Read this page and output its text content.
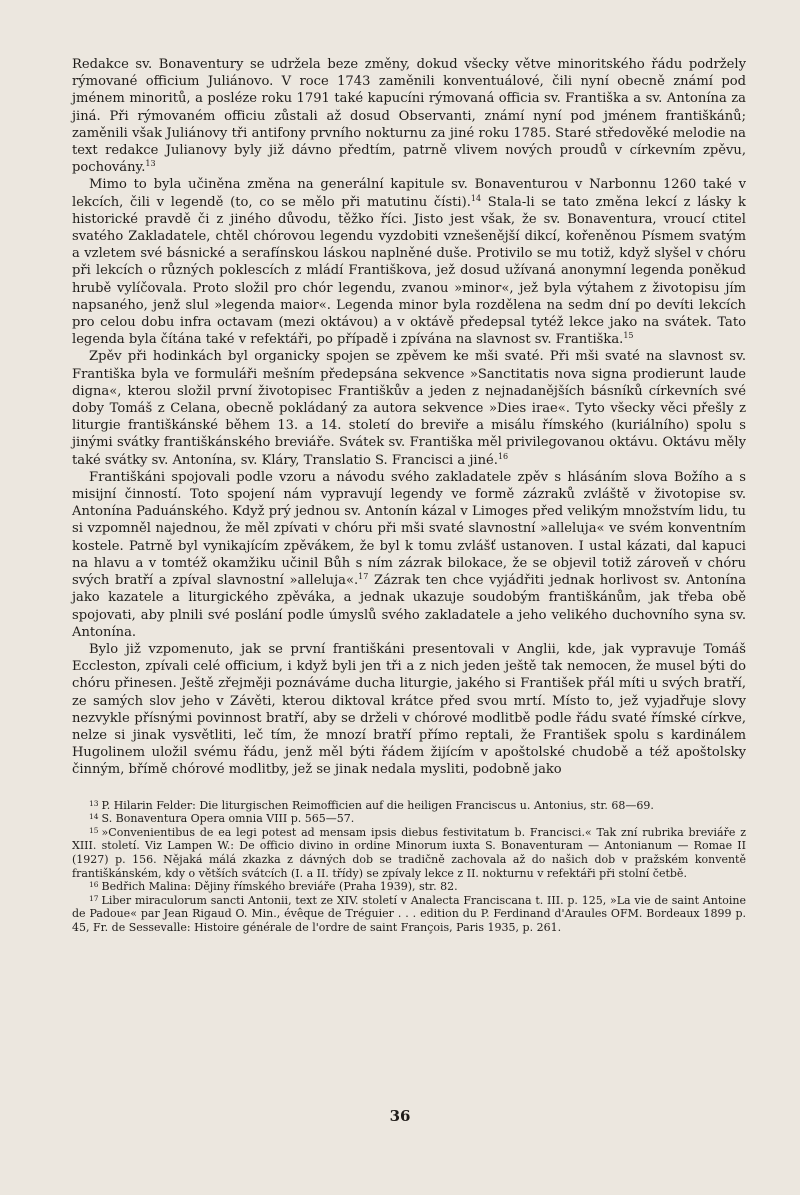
Redakce sv. Bonaventury se udržela beze změny, dokud všecky větve minoritského řádu podržely rýmované officium Juliánovo. V roce 1743 zaměnili konventuálové, čili nyní obecně známí pod jménem minoritů, a posléze roku 1791 také kapucíni rýmovaná officia sv. Františka a sv. Antonína za jiná. Při rýmovaném officiu zůstali až dosud Observanti, známí nyní pod jménem františkánů; zaměnili však Juliánovy tři antifony prvního nokturnu za jiné roku 1785. Staré středověké melodie na text redakce Julianovy byly již dávno předtím, patrně vlivem nových proudů v církevním zpěvu, pochovány.$^{13}$

Mimo to byla učiněna změna na generální kapitule sv. Bonaventurou v Narbonnu 1260 také v lekcích, čili v legendě (to, co se mělo při matutinu čísti).$^{14}$ Stala-li se tato změna lekcí z lásky k historické pravdě či z jiného důvodu, těžko říci. Jisto jest však, že sv. Bonaventura, vroucí ctitel svatého Zakladatele, chtěl chórovou legendu vyzdobiti vznešenější dikcí, kořeněnou Písmem svatým a vzletem své básnické a serafínskou láskou naplněné duše. Protivilo se mu totiž, když slyšel v chóru při lekcích o různých poklescích z mládí Františkova, jež dosud užívaná anonymní legenda poněkud hrubě vylíčovala. Proto složil pro chór legendu, zvanou »minor«, jež byla výtahem z životopisu jím napsaného, jenž slul »legenda maior«. Legenda minor byla rozdělena na sedm dní po devíti lekcích pro celou dobu infra octavam (mezi oktávou) a v oktávě předepsal tytéž lekce jako na svátek. Tato legenda byla čítána také v refektáři, po případě i zpívána na slavnost sv. Františka.$^{15}$

Zpěv při hodinkách byl organicky spojen se zpěvem ke mši svaté. Při mši svaté na slavnost sv. Františka byla ve formuláři mešním předepsána sekvence »Sanctitatis nova signa prodierunt laude digna«, kterou složil první životopisec Františkův a jeden z nejnadanějších básníků církevních své doby Tomáš z Celana, obecně pokládaný za autora sekvence »Dies irae«. Tyto všecky věci přešly z liturgie františkánské během 13. a 14. století do breviře a misálu římského (kuriálního) spolu s jinými svátky františkánského breviáře. Svátek sv. Františka měl privilegovanou oktávu. Oktávu měly také svátky sv. Antonína, sv. Kláry, Translatio S. Francisci a jiné.$^{16}$

Františkáni spojovali podle vzoru a návodu svého zakladatele zpěv s hlásáním slova Božího a s misijní činností. Toto spojení nám vypravují legendy ve formě zázraků zvláště v životopise sv. Antonína Paduánského. Když prý jednou sv. Antonín kázal v Limoges před velikým množstvím lidu, tu si vzpomněl najednou, že měl zpívati v chóru při mši svaté slavnostní »alleluja« ve svém konventním kostele. Patrně byl vynikajícím zpěvákem, že byl k tomu zvlášť ustanoven. I ustal kázati, dal kapuci na hlavu a v tomtéž okamžiku učinil Bůh s ním zázrak bilokace, že se objevil totiž zároveň v chóru svých bratří a zpíval slavnostní »alleluja«.$^{17}$ Zázrak ten chce vyjádřiti jednak horlivost sv. Antonína jako kazatele a liturgického zpěváka, a jednak ukazuje soudobým františkánům, jak třeba obě spojovati, aby plnili své poslání podle úmyslů svého zakladatele a jeho velikého duchovního syna sv. Antonína.

Bylo již vzpomenuto, jak se první františkáni presentovali v Anglii, kde, jak vypravuje Tomáš Eccleston, zpívali celé officium, i když byli jen tři a z nich jeden ještě tak nemocen, že musel býti do chóru přinesen. Ještě zřejměji poznáváme ducha liturgie, jakého si František přál míti u svých bratří, ze samých slov jeho v Závěti, kterou diktoval krátce před svou mrtí. Místo to, jež vyjadřuje slovy nezvykle přísnými povinnost bratří, aby se drželi v chórové modlitbě podle řádu svaté římské církve, nelze si jinak vysvětliti, leč tím, že mnozí bratří přímo reptali, že František spolu s kardinálem Hugolinem uložil svému řádu, jenž měl býti řádem žijícím v apoštolské chudobě a též apoštolsky činným, břímě chórové modlitby, jež se jinak nedala mysliti, podobně jako

$^{13}$ P. Hilarin Felder: Die liturgischen Reimofficien auf die heiligen Franciscus u. Antonius, str. 68—69.

$^{14}$ S. Bonaventura Opera omnia VIII p. 565—57.

$^{15}$ »Convenientibus de ea legi potest ad mensam ipsis diebus festivitatum b. Francisci.« Tak zní rubrika breviáře z XIII. století. Viz Lampen W.: De officio divino in ordine Minorum iuxta S. Bonaventuram — Antonianum — Romae II (1927) p. 156. Nějaká málá zkazka z dávných dob se tradičně zachovala až do našich dob v pražském konventě františkánském, kdy o větších svátcích (I. a II. třídy) se zpívaly lekce z II. nokturnu v refektáři při stolní četbě.

$^{16}$ Bedřich Malina: Dějiny římského breviáře (Praha 1939), str. 82.

$^{17}$ Liber miraculorum sancti Antonii, text ze XIV. století v Analecta Franciscana t. III. p. 125, »La vie de saint Antoine de Padoue« par Jean Rigaud O. Min., évêque de Tréguier . . . edition du P. Ferdinand d'Araules OFM. Bordeaux 1899 p. 45, Fr. de Sessevalle: Histoire générale de l'ordre de saint François, Paris 1935, p. 261.

36
